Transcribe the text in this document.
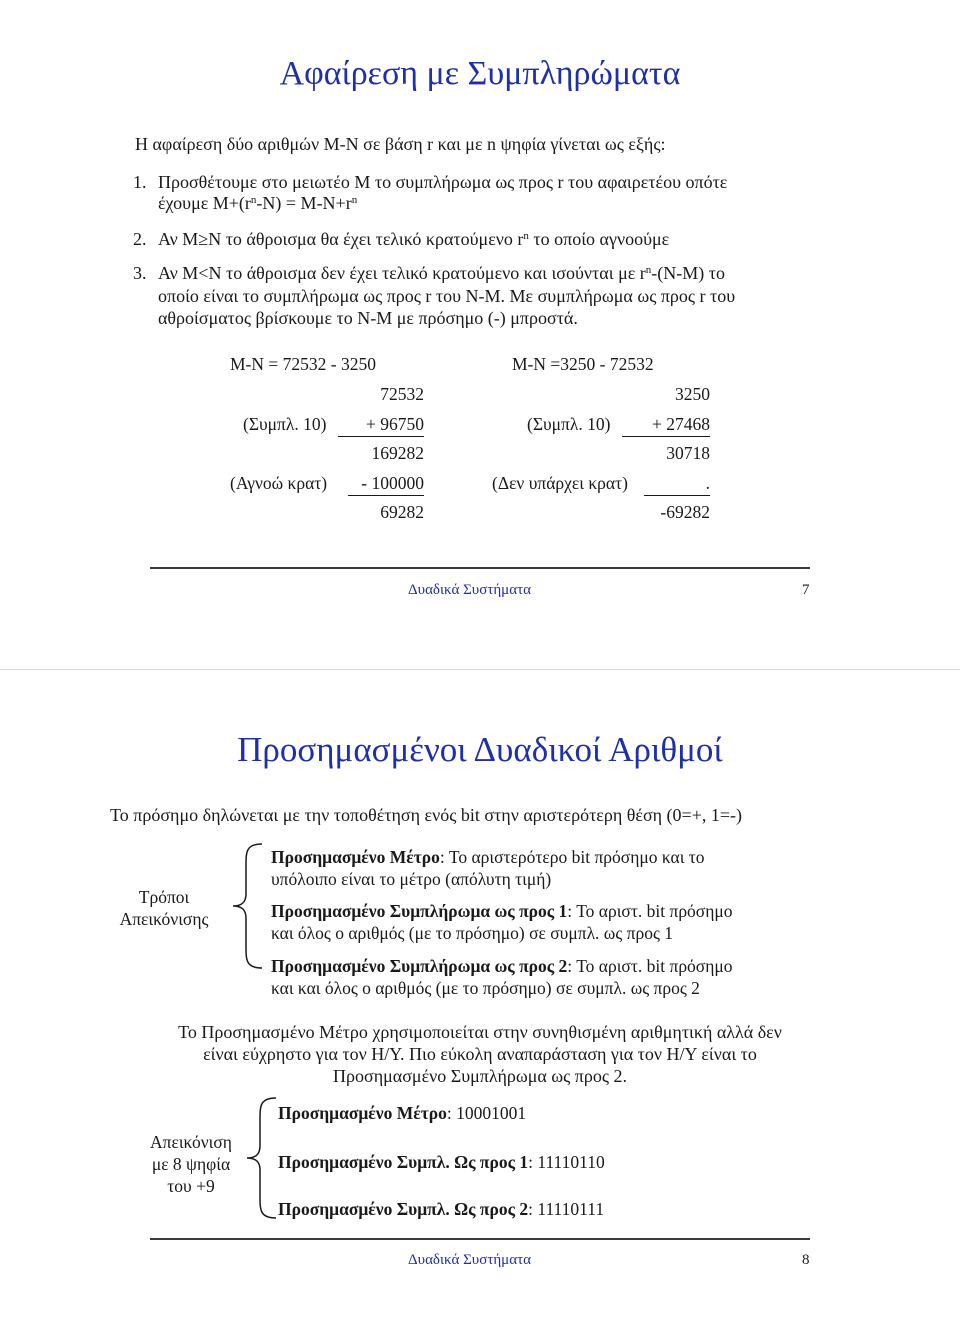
Αφαίρεση με Συμπληρώματα
Η αφαίρεση δύο αριθμών Μ-Ν σε βάση r και με n ψηφία γίνεται ως εξής:
1. Προσθέτουμε στο μειωτέο Μ το συμπλήρωμα ως προς r του αφαιρετέου οπότε
έχουμε $M+(r^n-N) = M-N+r^n$
2. Αν Μ≥Ν το άθροισμα θα έχει τελικό κρατούμενο $r^n$ το οποίο αγνοούμε
3. Αν Μ<Ν το άθροισμα δεν έχει τελικό κρατούμενο και ισούνται με $r^n-(N-M)$ το
οποίο είναι το συμπλήρωμα ως προς r του Ν-Μ. Με συμπλήρωμα ως προς r του
αθροίσματος βρίσκουμε το Ν-Μ με πρόσημο (-) μπροστά.
Μ-Ν = 72532 - 3250
72532
(Συμπλ. 10)	+ 96750
169282
(Αγνοώ κρατ)	- 100000
69282
Μ-Ν =3250 - 72532
3250
(Συμπλ. 10)	+ 27468
30718
(Δεν υπάρχει κρατ)	.
-69282
Δυαδικά Συστήματα	7
Προσημασμένοι Δυαδικοί Αριθμοί
Το πρόσημο δηλώνεται με την τοποθέτηση ενός bit στην αριστερότερη θέση (0=+, 1=-)
Τρόποι
Απεικόνισης
Προσημασμένο Μέτρο: Το αριστερότερο bit πρόσημο και το
υπόλοιπο είναι το μέτρο (απόλυτη τιμή)
Προσημασμένο Συμπλήρωμα ως προς 1: Το αριστ. bit πρόσημο
και όλος ο αριθμός (με το πρόσημο) σε συμπλ. ως προς 1
Προσημασμένο Συμπλήρωμα ως προς 2: Το αριστ. bit πρόσημο
και και όλος ο αριθμός (με το πρόσημο) σε συμπλ. ως προς 2
Το Προσημασμένο Μέτρο χρησιμοποιείται στην συνηθισμένη αριθμητική αλλά δεν
είναι εύχρηστο για τον Η/Υ. Πιο εύκολη αναπαράσταση για τον Η/Υ είναι το
Προσημασμένο Συμπλήρωμα ως προς 2.
Απεικόνιση
με 8 ψηφία
του +9
Προσημασμένο Μέτρο: 10001001
Προσημασμένο Συμπλ. Ως προς 1: 11110110
Προσημασμένο Συμπλ. Ως προς 2: 11110111
Δυαδικά Συστήματα	8
